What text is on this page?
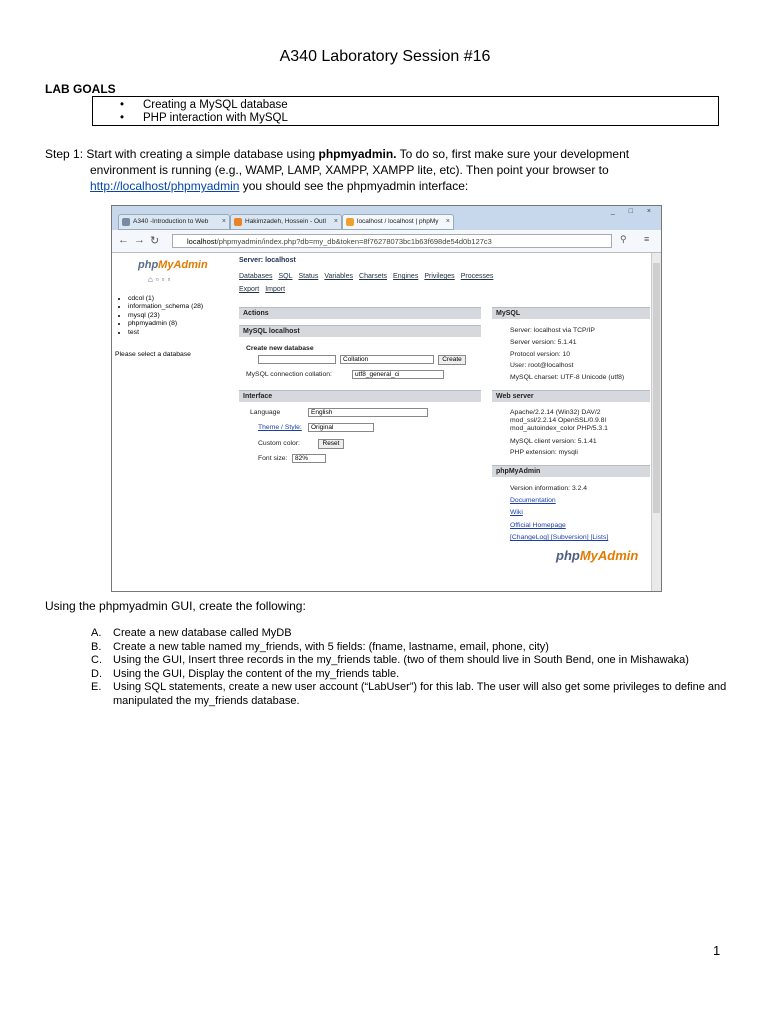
A340 Laboratory Session #16
LAB GOALS
• Creating a MySQL database
• PHP interaction with MySQL
Step 1: Start with creating a simple database using phpmyadmin. To do so, first make sure your development
environment is running (e.g., WAMP, LAMP, XAMPP, XAMPP lite, etc). Then point your browser to
http://localhost/phpmyadmin you should see the phpmyadmin interface:
A340 -Introduction to Web ×	Hakimzadeh, Hossein - Outl ×	localhost / localhost | phpMy ×
_ □ ×
← → ↻	localhost/phpmyadmin/index.php?db=my_db&token=8f76278073bc1b63f698de54d0b127c3	⚲ ≡
phpMyAdmin
⌂▫▫▫
• cdcol (1)
• information_schema (28)
• mysql (23)
• phpmyadmin (8)
• test
Please select a database
Server: localhost
Databases SQL Status Variables Charsets Engines Privileges Processes
Export Import
Actions
MySQL localhost
Create new database
Collation	Create
MySQL connection collation:	utf8_general_ci
Interface
Language	English
Theme / Style:	Original
Custom color:	Reset
Font size:	82%
MySQL
Server: localhost via TCP/IP
Server version: 5.1.41
Protocol version: 10
User: root@localhost
MySQL charset: UTF-8 Unicode (utf8)
Web server
Apache/2.2.14 (Win32) DAV/2
mod_ssl/2.2.14 OpenSSL/0.9.8l
mod_autoindex_color PHP/5.3.1
MySQL client version: 5.1.41
PHP extension: mysqli
phpMyAdmin
Version information: 3.2.4
Documentation
Wiki
Official Homepage
[ChangeLog] [Subversion] [Lists]
phpMyAdmin
Using the phpmyadmin GUI, create the following:
A. Create a new database called MyDB
B. Create a new table named my_friends, with 5 fields: (fname, lastname, email, phone, city)
C. Using the GUI, Insert three records in the my_friends table. (two of them should live in South Bend, one in Mishawaka)
D. Using the GUI, Display the content of the my_friends table.
E. Using SQL statements, create a new user account (“LabUser”) for this lab. The user will also get some privileges to define and manipulated the my_friends database.
1
